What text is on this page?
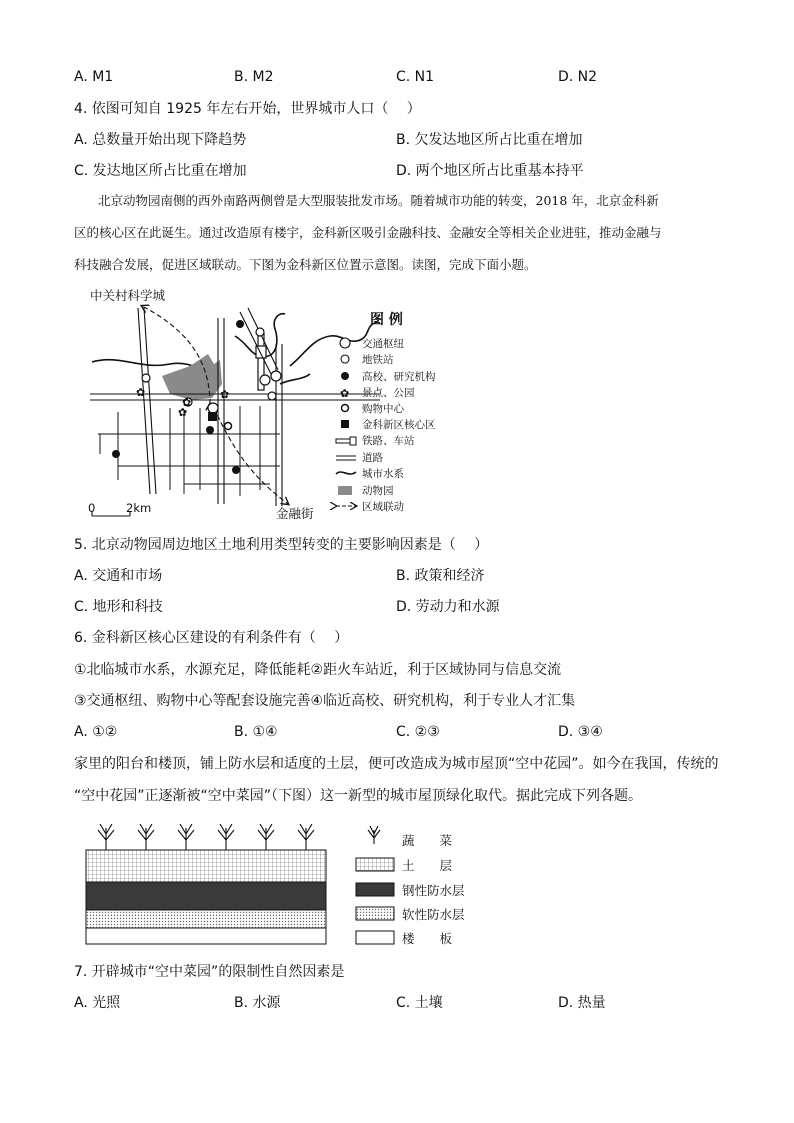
A. M1	B. M2	C. N1	D. N2
4. 依图可知自 1925 年左右开始，世界城市人口（　 ）
A. 总数量开始出现下降趋势	B. 欠发达地区所占比重在增加
C. 发达地区所占比重在增加	D. 两个地区所占比重基本持平
北京动物园南侧的西外南路两侧曾是大型服装批发市场。随着城市功能的转变，2018 年，北京金科新
区的核心区在此诞生。通过改造原有楼宇，金科新区吸引金融科技、金融安全等相关企业进驻，推动金融与
科技融合发展，促进区域联动。下图为金科新区位置示意图。读图，完成下面小题。
中关村科学城
✿	✿
✿
✿
金融街
0	2km
图 例
交通枢纽
地铁站
高校、研究机构
✿ 景点、公园
购物中心
金科新区核心区
铁路、车站
道路
城市水系
动物园
区域联动
5. 北京动物园周边地区土地利用类型转变的主要影响因素是（　 ）
A. 交通和市场	B. 政策和经济
C. 地形和科技	D. 劳动力和水源
6. 金科新区核心区建设的有利条件有（　 ）
①北临城市水系，水源充足，降低能耗②距火车站近，利于区域协同与信息交流
③交通枢纽、购物中心等配套设施完善④临近高校、研究机构，利于专业人才汇集
A. ①②	B. ①④	C. ②③	D. ③④
家里的阳台和楼顶，铺上防水层和适度的土层，便可改造成为城市屋顶“空中花园”。如今在我国，传统的
“空中花园”正逐渐被“空中菜园”（下图）这一新型的城市屋顶绿化取代。据此完成下列各题。
蔬　　菜
土　　层
钢性防水层
软性防水层
楼　　板
7. 开辟城市“空中菜园”的限制性自然因素是
A. 光照	B. 水源	C. 土壤	D. 热量
